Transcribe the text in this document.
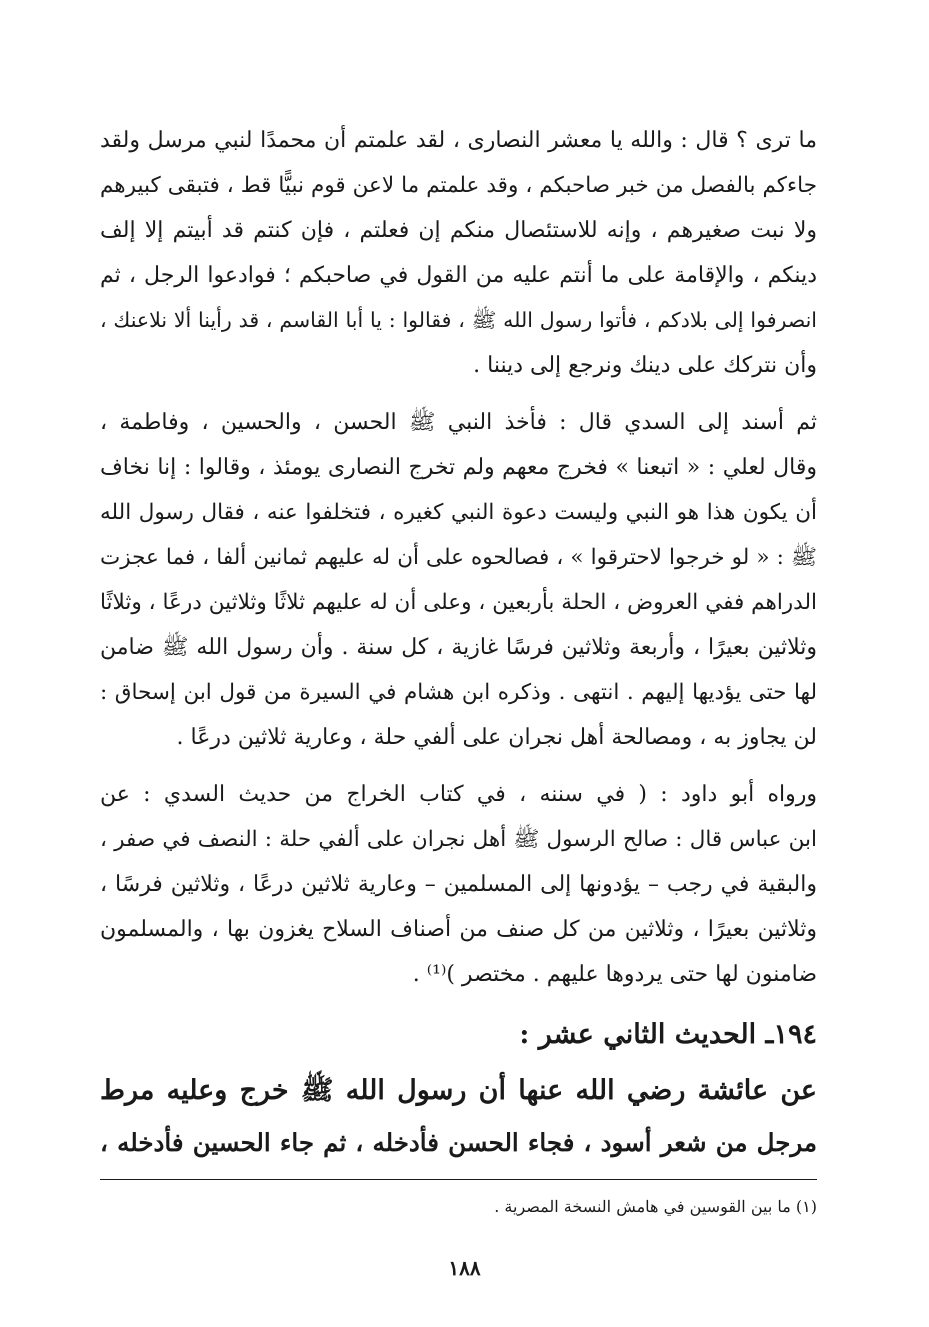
ما ترى ؟ قال : والله يا معشر النصارى ، لقد علمتم أن محمدًا لنبي مرسل ولقد

جاءكم بالفصل من خبر صاحبكم ، وقد علمتم ما لاعن قوم نبيًّا قط ، فتبقى كبيرهم

ولا نبت صغيرهم ، وإنه للاستئصال منكم إن فعلتم ، فإن كنتم قد أبيتم إلا إلف

دينكم ، والإقامة على ما أنتم عليه من القول في صاحبكم ؛ فوادعوا الرجل ، ثم

انصرفوا إلى بلادكم ، فأتوا رسول الله ﷺ ، فقالوا : يا أبا القاسم ، قد رأينا ألا نلاعنك ،

وأن نتركك على دينك ونرجع إلى ديننا .

ثم أسند إلى السدي قال : فأخذ النبي ﷺ الحسن ، والحسين ، وفاطمة ،

وقال لعلي : « اتبعنا » فخرج معهم ولم تخرج النصارى يومئذ ، وقالوا : إنا نخاف

أن يكون هذا هو النبي وليست دعوة النبي كغيره ، فتخلفوا عنه ، فقال رسول الله

ﷺ : « لو خرجوا لاحترقوا » ، فصالحوه على أن له عليهم ثمانين ألفا ، فما عجزت

الدراهم ففي العروض ، الحلة بأربعين ، وعلى أن له عليهم ثلاثًا وثلاثين درعًا ، وثلاثًا

وثلاثين بعيرًا ، وأربعة وثلاثين فرسًا غازية ، كل سنة . وأن رسول الله ﷺ ضامن

لها حتى يؤديها إليهم . انتهى . وذكره ابن هشام في السيرة من قول ابن إسحاق :

لن يجاوز به ، ومصالحة أهل نجران على ألفي حلة ، وعارية ثلاثين درعًا .

ورواه أبو داود : ( في سننه ، في كتاب الخراج من حديث السدي : عن

ابن عباس قال : صالح الرسول ﷺ أهل نجران على ألفي حلة : النصف في صفر ،

والبقية في رجب – يؤدونها إلى المسلمين – وعارية ثلاثين درعًا ، وثلاثين فرسًا ،

وثلاثين بعيرًا ، وثلاثين من كل صنف من أصناف السلاح يغزون بها ، والمسلمون

ضامنون لها حتى يردوها عليهم . مختصر )⁽¹⁾ .

١٩٤ـ الحديث الثاني عشر :

عن عائشة رضي الله عنها أن رسول الله ﷺ خرج وعليه مرط

مرجل من شعر أسود ، فجاء الحسن فأدخله ، ثم جاء الحسين فأدخله ،

(١) ما بين القوسين في هامش النسخة المصرية .
١٨٨
